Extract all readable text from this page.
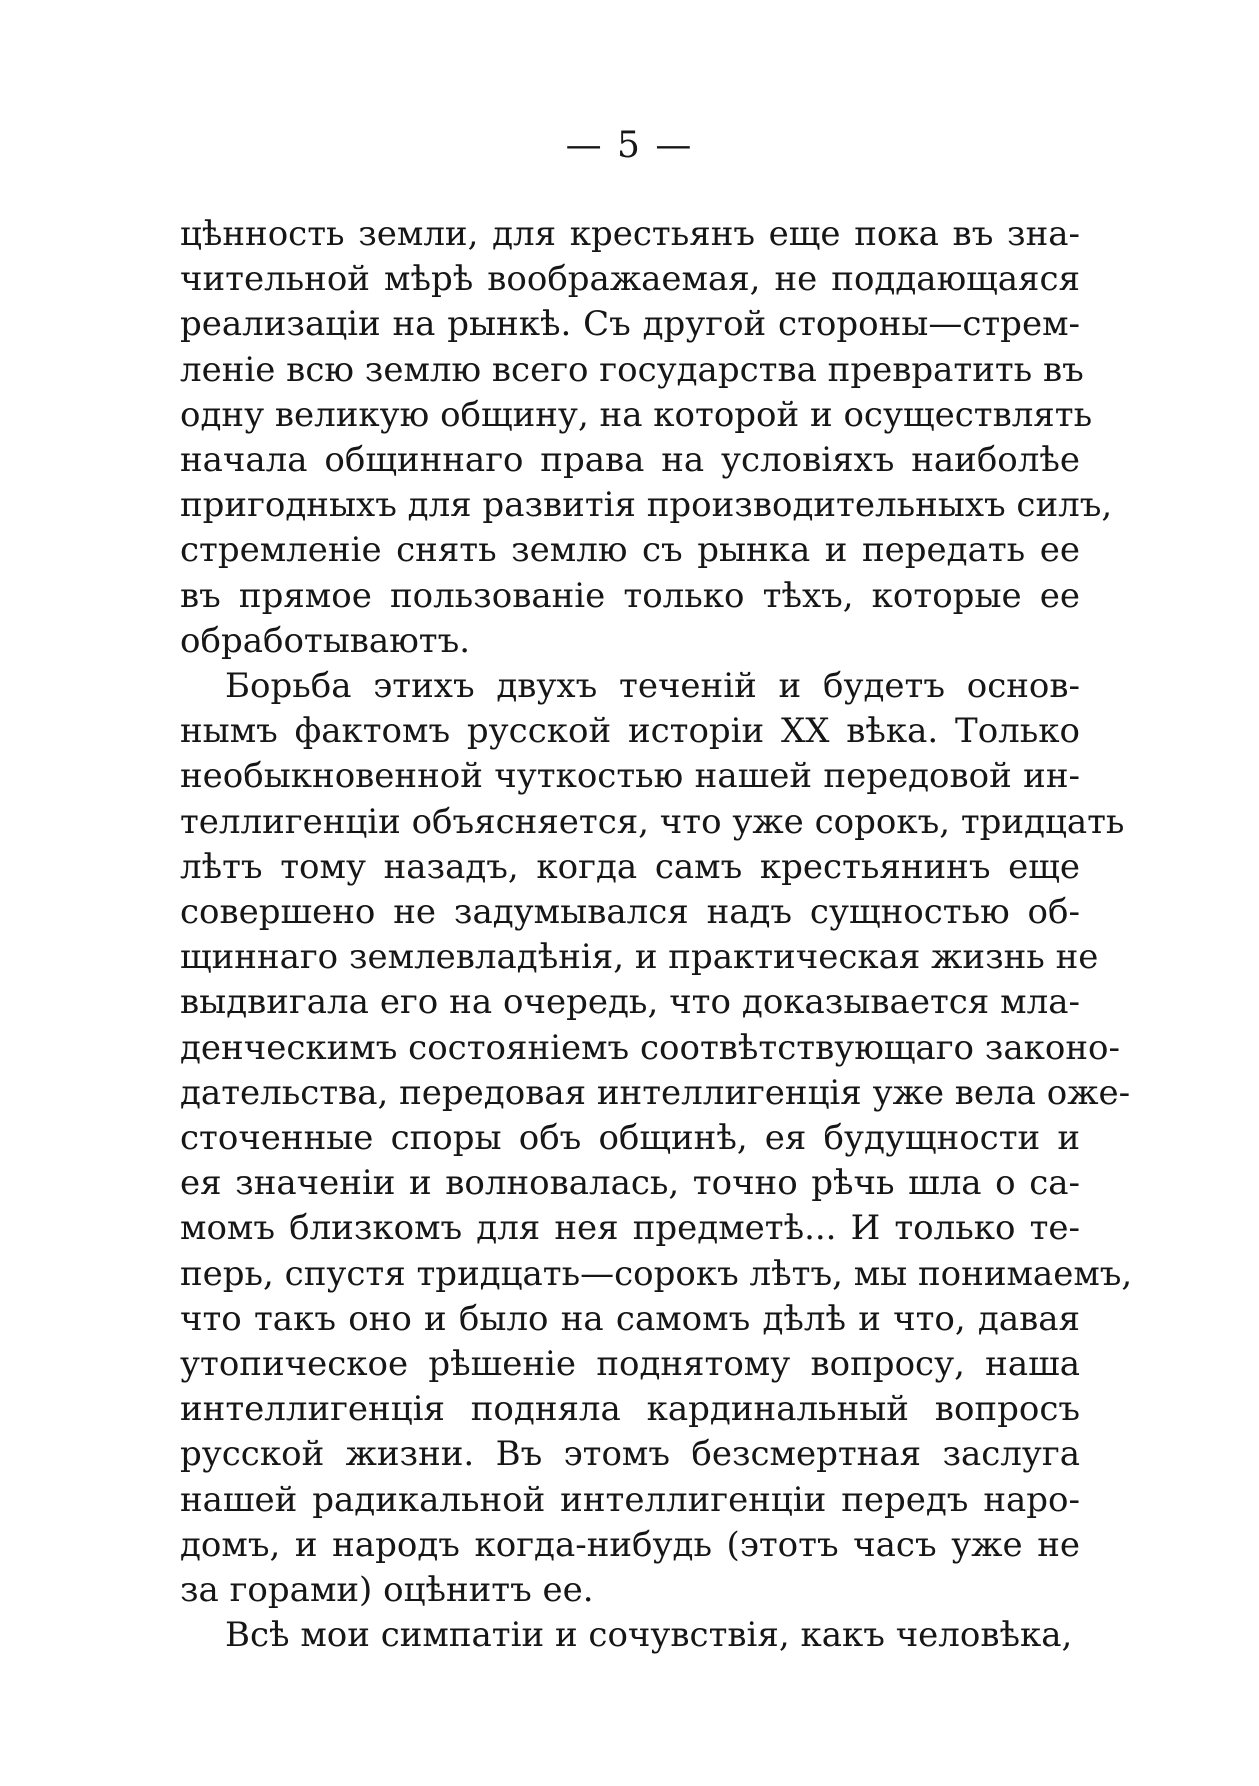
— 5 —
цѣнность земли, для крестьянъ еще пока въ зна-
чительной мѣрѣ воображаемая, не поддающаяся
реализаціи на рынкѣ. Съ другой стороны—стрем-
леніе всю землю всего государства превратить въ
одну великую общину, на которой и осуществлять
начала общиннаго права на условіяхъ наиболѣе
пригодныхъ для развитія производительныхъ силъ,
стремленіе снять землю съ рынка и передать ее
въ прямое пользованіе только тѣхъ, которые ее
обработываютъ.
Борьба этихъ двухъ теченій и будетъ основ-
нымъ фактомъ русской исторіи XX вѣка. Только
необыкновенной чуткостью нашей передовой ин-
теллигенціи объясняется, что уже сорокъ, тридцать
лѣтъ тому назадъ, когда самъ крестьянинъ еще
совершено не задумывался надъ сущностью об-
щиннаго землевладѣнія, и практическая жизнь не
выдвигала его на очередь, что доказывается мла-
денческимъ состояніемъ соотвѣтствующаго законо-
дательства, передовая интеллигенція уже вела оже-
сточенные споры объ общинѣ, ея будущности и
ея значеніи и волновалась, точно рѣчь шла о са-
момъ близкомъ для нея предметѣ... И только те-
перь, спустя тридцать—сорокъ лѣтъ, мы понимаемъ,
что такъ оно и было на самомъ дѣлѣ и что, давая
утопическое рѣшеніе поднятому вопросу, наша
интеллигенція подняла кардинальный вопросъ
русской жизни. Въ этомъ безсмертная заслуга
нашей радикальной интеллигенціи передъ наро-
домъ, и народъ когда-нибудь (этотъ часъ уже не
за горами) оцѣнитъ ее.
Всѣ мои симпатіи и сочувствія, какъ человѣка,
